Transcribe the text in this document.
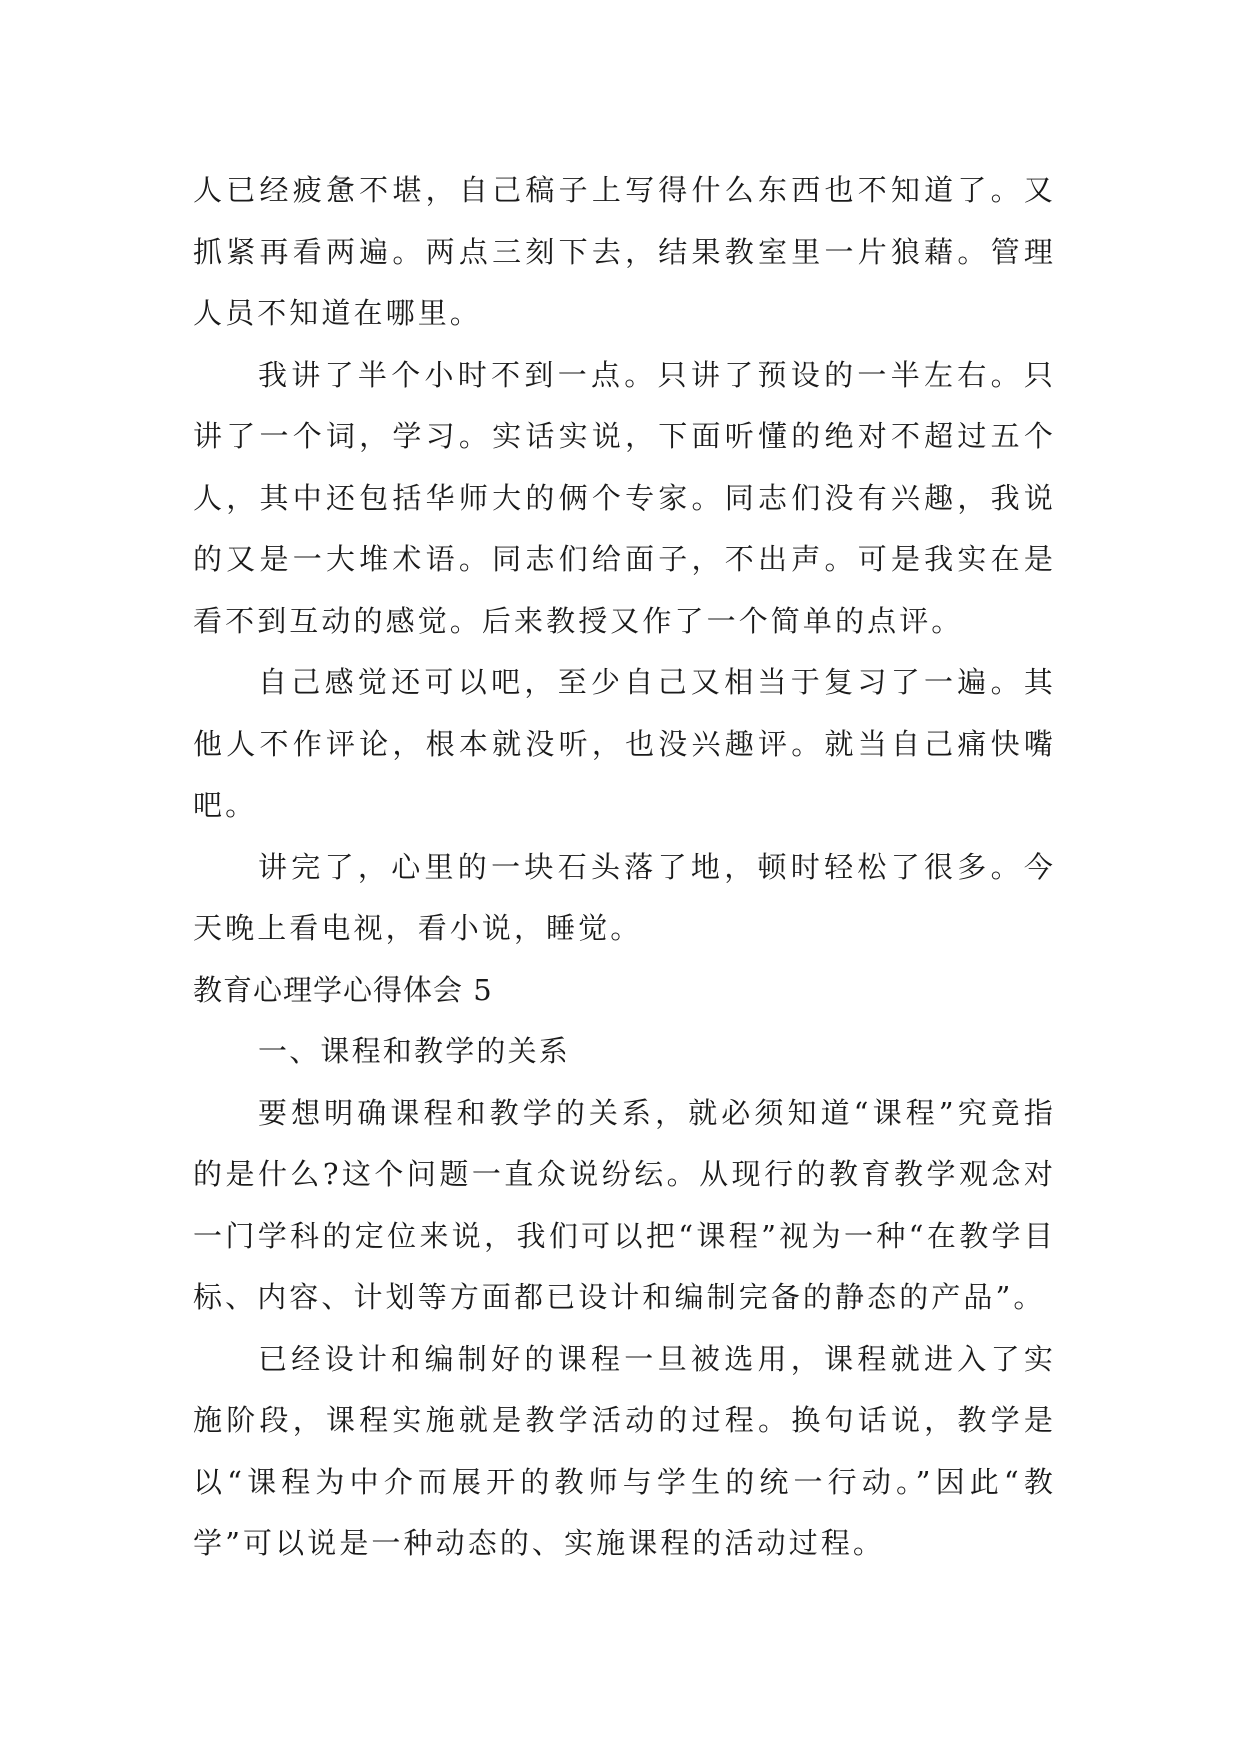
人已经疲惫不堪，自己稿子上写得什么东西也不知道了。又抓紧再看两遍。两点三刻下去，结果教室里一片狼藉。管理人员不知道在哪里。

我讲了半个小时不到一点。只讲了预设的一半左右。只讲了一个词，学习。实话实说，下面听懂的绝对不超过五个人，其中还包括华师大的俩个专家。同志们没有兴趣，我说的又是一大堆术语。同志们给面子，不出声。可是我实在是看不到互动的感觉。后来教授又作了一个简单的点评。

自己感觉还可以吧，至少自己又相当于复习了一遍。其他人不作评论，根本就没听，也没兴趣评。就当自己痛快嘴吧。

讲完了，心里的一块石头落了地，顿时轻松了很多。今天晚上看电视，看小说，睡觉。

教育心理学心得体会 5

一、课程和教学的关系

要想明确课程和教学的关系，就必须知道“课程”究竟指的是什么?这个问题一直众说纷纭。从现行的教育教学观念对一门学科的定位来说，我们可以把“课程”视为一种“在教学目标、内容、计划等方面都已设计和编制完备的静态的产品”。

已经设计和编制好的课程一旦被选用，课程就进入了实施阶段，课程实施就是教学活动的过程。换句话说，教学是以“课程为中介而展开的教师与学生的统一行动。”因此“教学”可以说是一种动态的、实施课程的活动过程。
